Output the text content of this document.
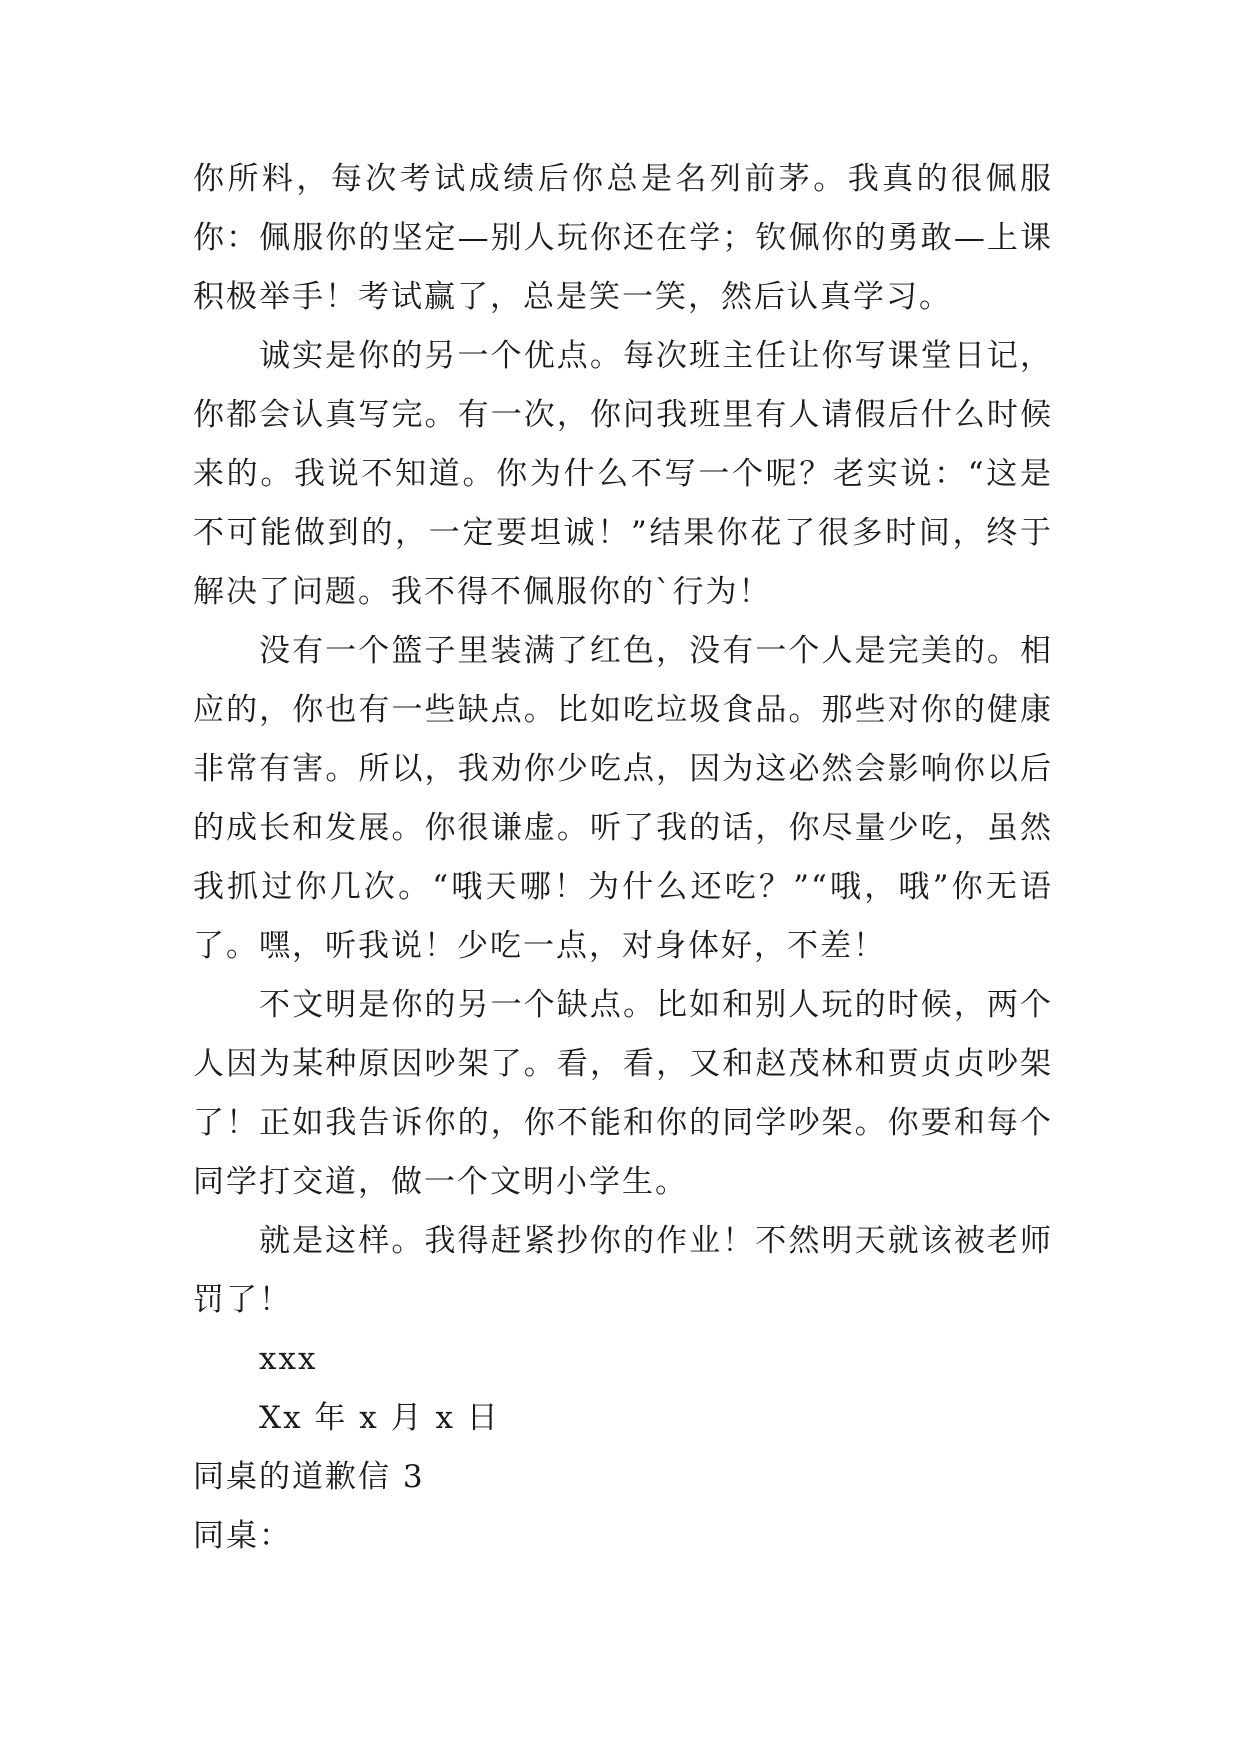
你所料，每次考试成绩后你总是名列前茅。我真的很佩服你：佩服你的坚定—别人玩你还在学；钦佩你的勇敢—上课积极举手！考试赢了，总是笑一笑，然后认真学习。

诚实是你的另一个优点。每次班主任让你写课堂日记，你都会认真写完。有一次，你问我班里有人请假后什么时候来的。我说不知道。你为什么不写一个呢？老实说：“这是不可能做到的，一定要坦诚！”结果你花了很多时间，终于解决了问题。我不得不佩服你的`行为！

没有一个篮子里装满了红色，没有一个人是完美的。相应的，你也有一些缺点。比如吃垃圾食品。那些对你的健康非常有害。所以，我劝你少吃点，因为这必然会影响你以后的成长和发展。你很谦虚。听了我的话，你尽量少吃，虽然我抓过你几次。“哦天哪！为什么还吃？”“哦，哦”你无语了。嘿，听我说！少吃一点，对身体好，不差！

不文明是你的另一个缺点。比如和别人玩的时候，两个人因为某种原因吵架了。看，看，又和赵茂林和贾贞贞吵架了！正如我告诉你的，你不能和你的同学吵架。你要和每个同学打交道，做一个文明小学生。

就是这样。我得赶紧抄你的作业！不然明天就该被老师罚了！

xxx

Xx 年 x 月 x 日

同桌的道歉信 3

同桌：
